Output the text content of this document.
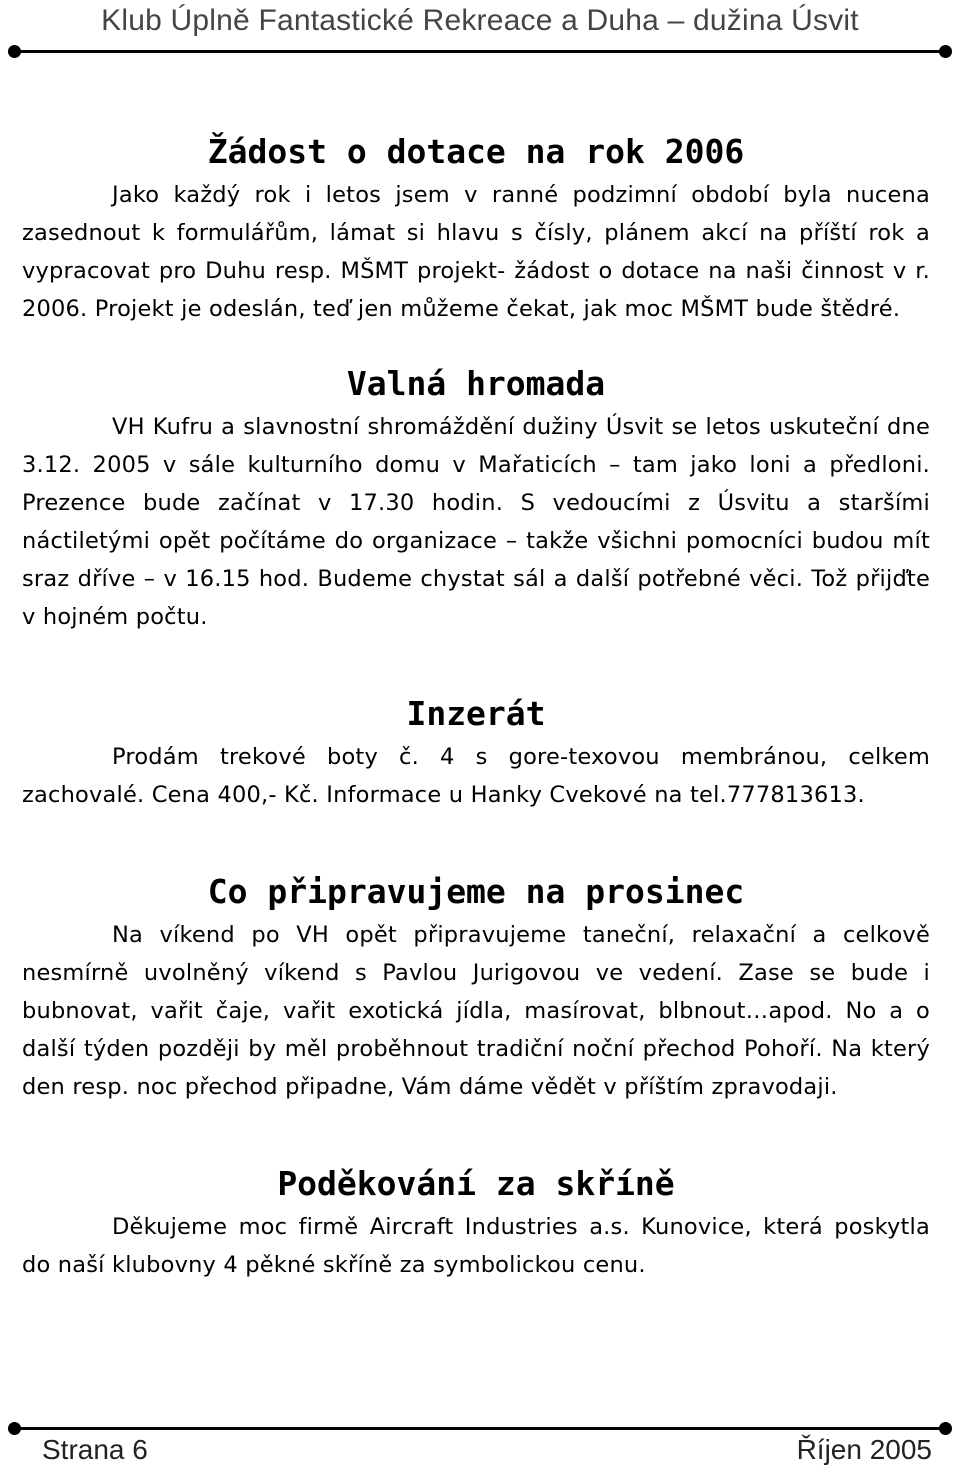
Klub Úplně Fantastické Rekreace a Duha – dužina Úsvit
Žádost o dotace na rok 2006

Jako každý rok i letos jsem v ranné podzimní období byla nucena zasednout k formulářům, lámat si hlavu s čísly, plánem akcí na příští rok a vypracovat pro Duhu resp. MŠMT projekt- žádost o dotace na naši činnost v r. 2006. Projekt je odeslán, teď jen můžeme čekat, jak moc MŠMT bude štědré.

Valná hromada

VH Kufru a slavnostní shromáždění dužiny Úsvit se letos uskuteční dne 3.12. 2005 v sále kulturního domu v Mařaticích – tam jako loni a předloni. Prezence bude začínat v 17.30 hodin. S vedoucími z Úsvitu a staršími náctiletými opět počítáme do organizace – takže všichni pomocníci budou mít sraz dříve – v 16.15 hod. Budeme chystat sál a další potřebné věci. Tož přijďte v hojném počtu.

Inzerát

Prodám trekové boty č. 4 s gore-texovou membránou, celkem zachovalé. Cena 400,- Kč. Informace u Hanky Cvekové na tel.777813613.

Co připravujeme na prosinec

Na víkend po VH opět připravujeme taneční, relaxační a celkově nesmírně uvolněný víkend s Pavlou Jurigovou ve vedení. Zase se bude i bubnovat, vařit čaje, vařit exotická jídla, masírovat, blbnout…apod. No a o další týden později by měl proběhnout tradiční noční přechod Pohoří. Na který den resp. noc přechod připadne, Vám dáme vědět v příštím zpravodaji.

Poděkování za skříně

Děkujeme moc firmě Aircraft Industries a.s. Kunovice, která poskytla do naší klubovny 4 pěkné skříně za symbolickou cenu.

Strana 6	Říjen 2005
